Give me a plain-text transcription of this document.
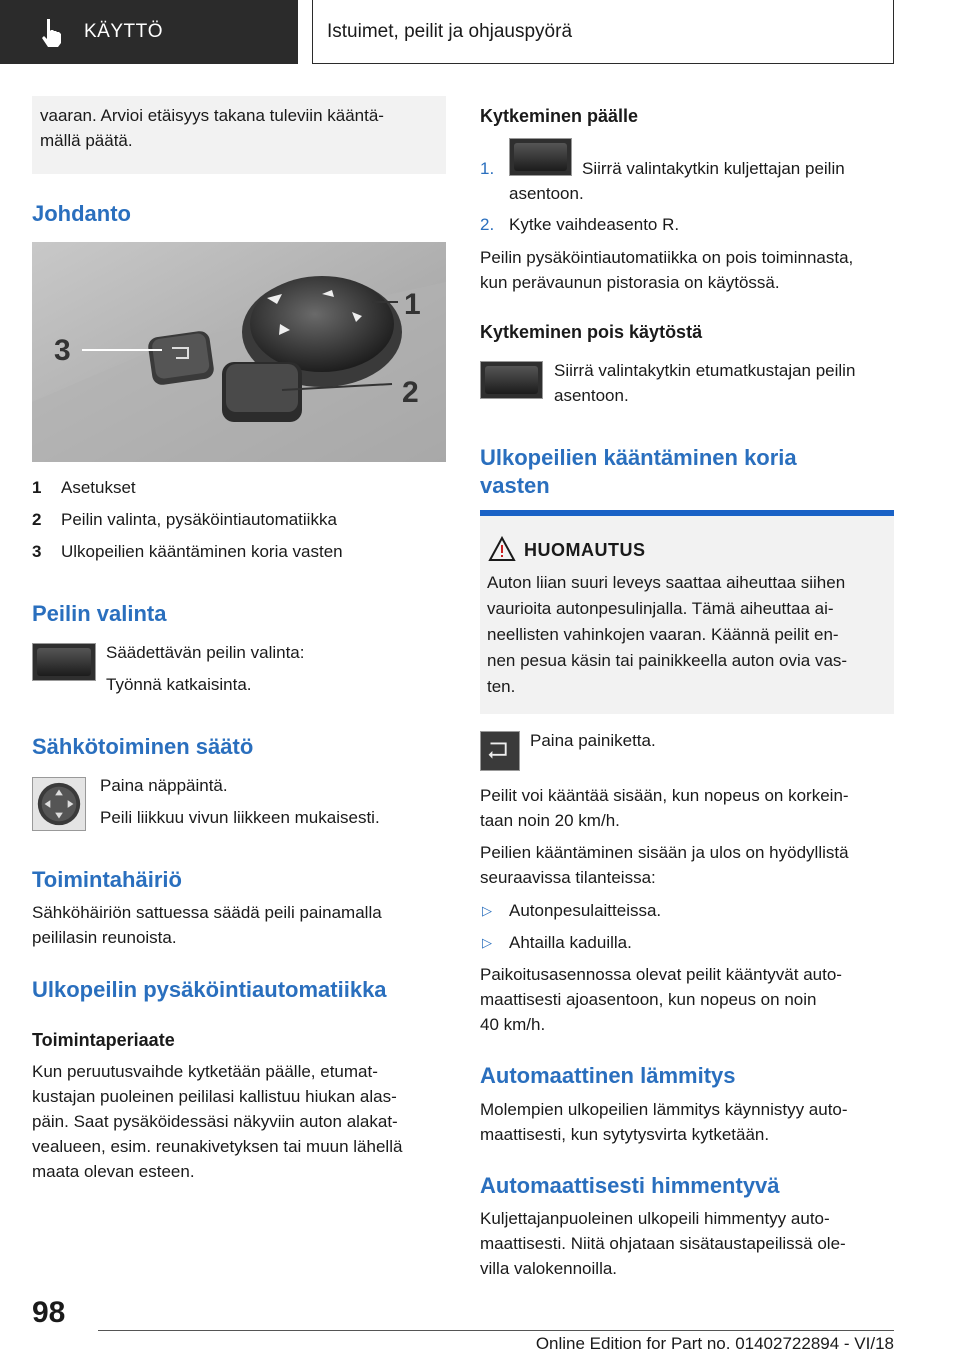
KÄYTTÖ	Istuimet, peilit ja ohjauspyörä
vaaran. Arvioi etäisyys takana tuleviin kääntä‑
mällä päätä.
Johdanto
1
2
3
1 Asetukset
2 Peilin valinta, pysäköintiautomatiikka
3 Ulkopeilien kääntäminen koria vasten
Peilin valinta
Säädettävän peilin valinta:
Työnnä katkaisinta.
Sähkötoiminen säätö
Paina näppäintä.
Peili liikkuu vivun liikkeen mukaisesti.
Toimintahäiriö
Sähköhäiriön sattuessa säädä peili painamalla
peililasin reunoista.
Ulkopeilin pysäköintiautomatiikka
Toimintaperiaate
Kun peruutusvaihde kytketään päälle, etumat‑
kustajan puoleinen peililasi kallistuu hiukan alas‑
päin. Saat pysäköidessäsi näkyviin auton alakat‑
vealueen, esim. reunakivetyksen tai muun lähellä
maata olevan esteen.
Kytkeminen päälle
1.	Siirrä valintakytkin kuljettajan peilin
asentoon.
2. Kytke vaihdeasento R.
Peilin pysäköintiautomatiikka on pois toiminnasta,
kun perävaunun pistorasia on käytössä.
Kytkeminen pois käytöstä
Siirrä valintakytkin etumatkustajan peilin
asentoon.
Ulkopeilien kääntäminen koria
vasten
HUOMAUTUS
Auton liian suuri leveys saattaa aiheuttaa siihen
vaurioita autonpesulinjalla. Tämä aiheuttaa ai‑
neellisten vahinkojen vaaran. Käännä peilit en‑
nen pesua käsin tai painikkeella auton ovia vas‑
ten.
Paina painiketta.
Peilit voi kääntää sisään, kun nopeus on korkein‑
taan noin 20 km/h.
Peilien kääntäminen sisään ja ulos on hyödyllistä
seuraavissa tilanteissa:
▷ Autonpesulaitteissa.
▷ Ahtailla kaduilla.
Paikoitusasennossa olevat peilit kääntyvät auto‑
maattisesti ajoasentoon, kun nopeus on noin
40 km/h.
Automaattinen lämmitys
Molempien ulkopeilien lämmitys käynnistyy auto‑
maattisesti, kun sytytysvirta kytketään.
Automaattisesti himmentyvä
Kuljettajanpuoleinen ulkopeili himmentyy auto‑
maattisesti. Niitä ohjataan sisätaustapeilissä ole‑
villa valokennoilla.
98
Online Edition for Part no. 01402722894 - VI/18
